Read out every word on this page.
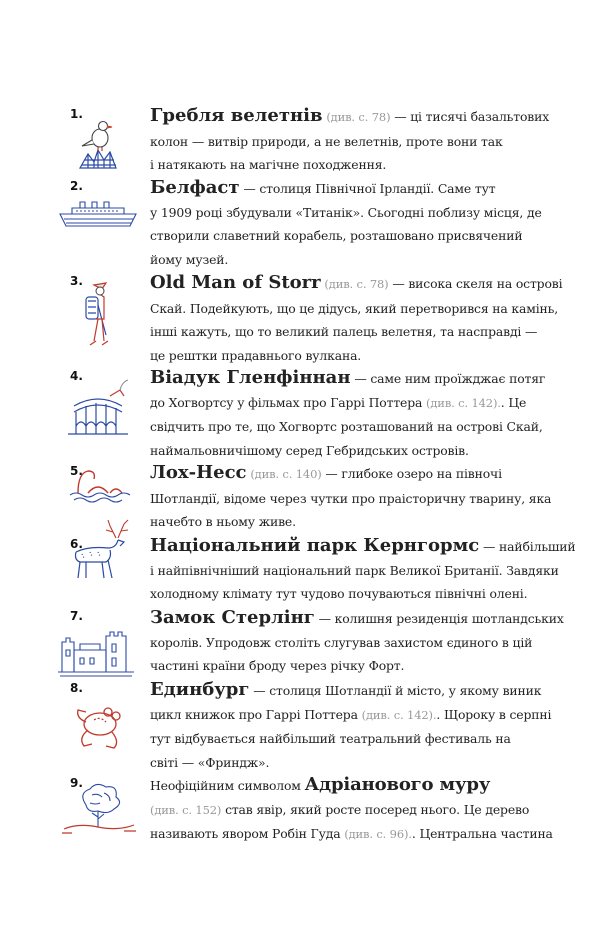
1.	Гребля велетнів (див. с. 78) — ці тисячі базальтових
колон — витвір природи, а не велетнів, проте вони так
і натякають на магічне походження.
2.	Белфаст — столиця Північної Ірландії. Саме тут
у 1909 році збудували «Титанік». Сьогодні поблизу місця, де
створили славетний корабель, розташовано присвячений
йому музей.
3.	Old Man of Storr (див. с. 78) — висока скеля на острові
Скай. Подейкують, що це дідусь, який перетворився на камінь,
інші кажуть, що то великий палець велетня, та насправді —
це рештки прадавнього вулкана.
4.	Віадук Гленфіннан — саме ним проїжджає потяг
до Хогвортсу у фільмах про Гаррі Поттера (див. с. 142).. Це
свідчить про те, що Хогвортс розташований на острові Скай,
наймальовничішому серед Гебридських островів.
5.	Лох-Несс (див. с. 140) — глибоке озеро на півночі
Шотландії, відоме через чутки про праісторичну тварину, яка
начебто в ньому живе.
6.	Національний парк Кернгормс — найбільший
і найпівнічніший національний парк Великої Британії. Завдяки
холодному клімату тут чудово почуваються північні олені.
7.	Замок Стерлінг — колишня резиденція шотландських
королів. Упродовж століть слугував захистом єдиного в цій
частині країни броду через річку Форт.
8.	Единбург — столиця Шотландії й місто, у якому виник
цикл книжок про Гаррі Поттера (див. с. 142).. Щороку в серпні
тут відбувається найбільший театральний фестиваль на
світі — «Фриндж».
9.	Неофіційним символом Адріанового муру
(див. с. 152) став явір, який росте посеред нього. Це дерево
називають явором Робін Гуда (див. с. 96).. Центральна частина
